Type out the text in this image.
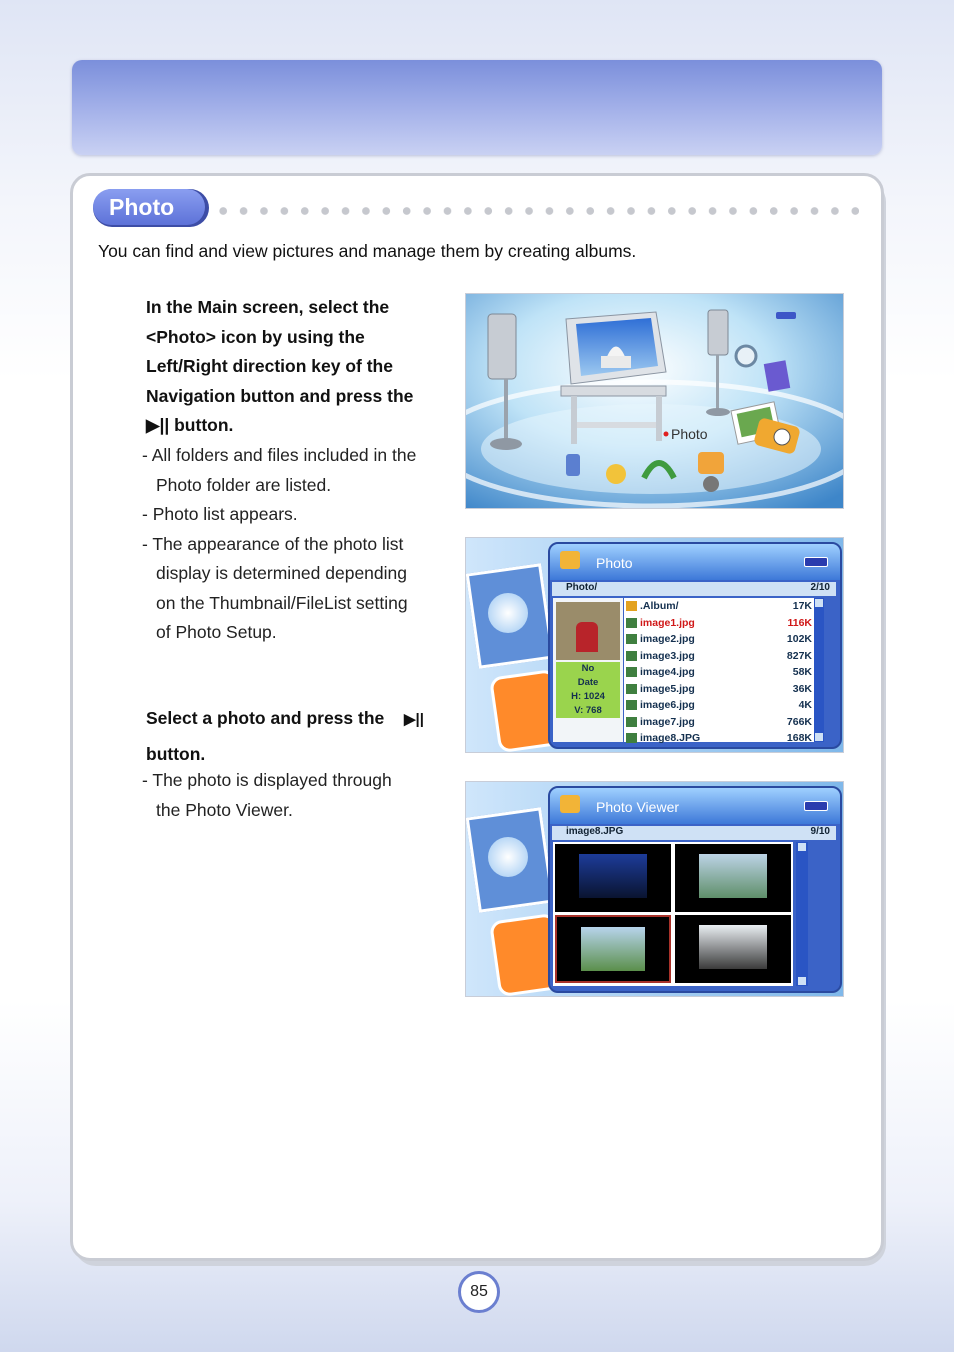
Photo
You can find and view pictures and manage them by creating albums.
In the Main screen, select the
<Photo> icon by using the
Left/Right direction key of the
Navigation button and press the
▶|| button.
- All folders and files included in the
Photo folder are listed.
- Photo list appears.
- The appearance of the photo list
display is determined depending
on the Thumbnail/FileList setting
of Photo Setup.
Select a photo and press the ▶||
button.
- The photo is displayed through
the Photo Viewer.
Photo
Photo
Photo/	2/10
No
Date
H: 1024
V: 768
.Album/	17K
image1.jpg	116K
image2.jpg	102K
image3.jpg	827K
image4.jpg	58K
image5.jpg	36K
image6.jpg	4K
image7.jpg	766K
image8.JPG	168K
Photo Viewer
image8.JPG	9/10
85
